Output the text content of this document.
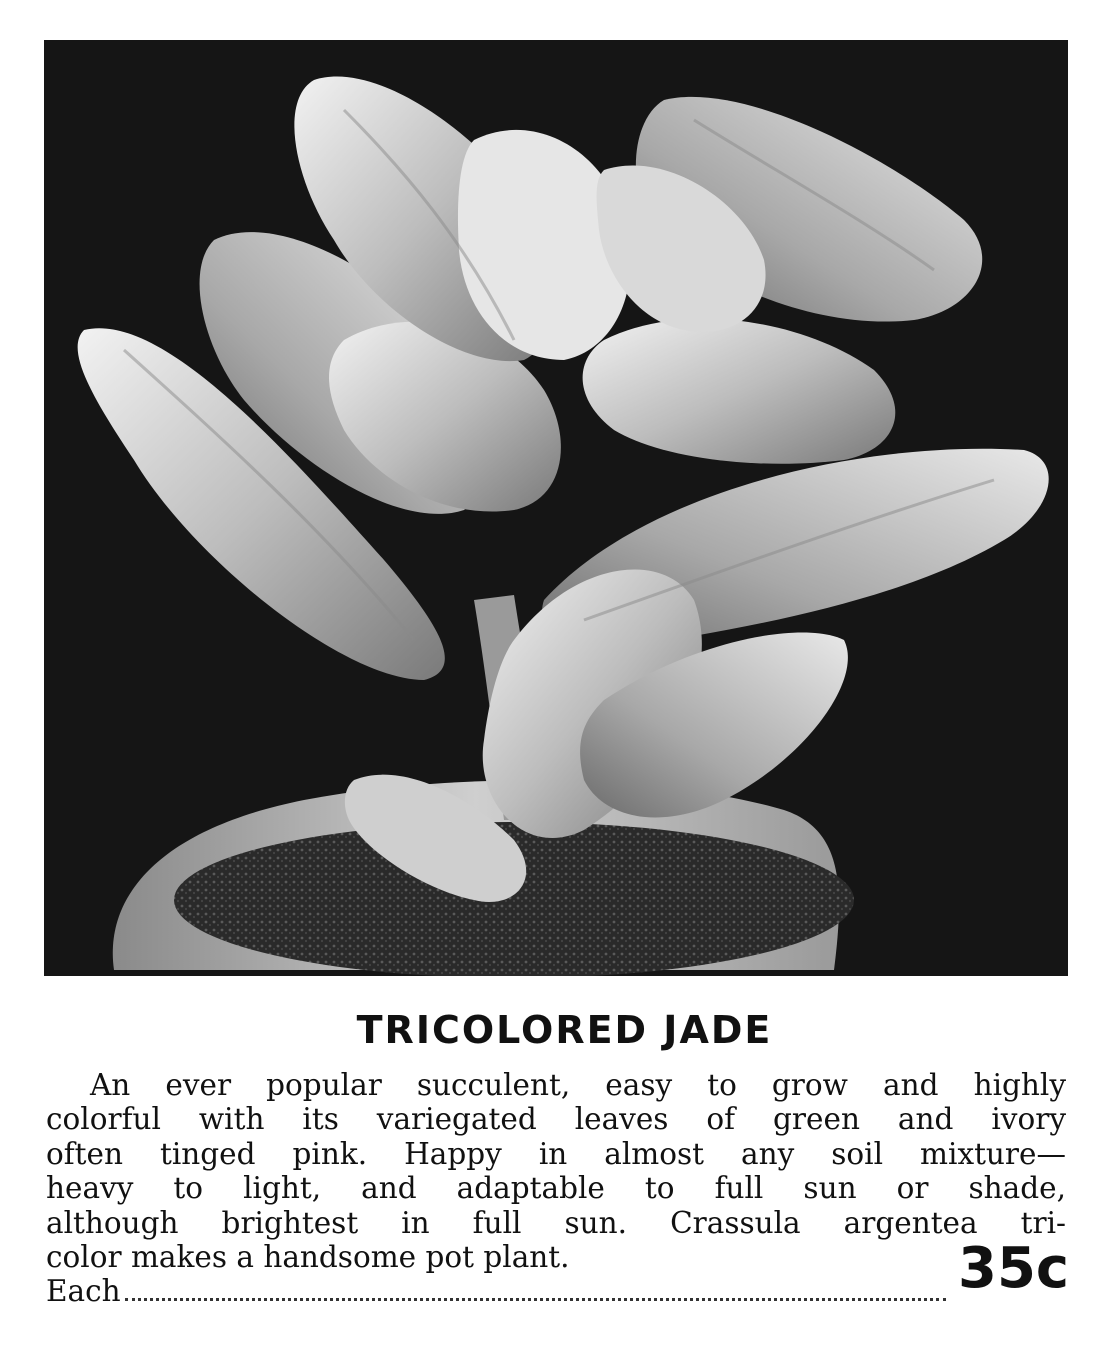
TRICOLORED JADE
An ever popular succulent, easy to grow and highly
colorful with its variegated leaves of green and ivory
often tinged pink. Happy in almost any soil mixture—
heavy to light, and adaptable to full sun or shade,
although brightest in full sun. Crassula argentea tri-
color makes a handsome pot plant.
Each	35c
